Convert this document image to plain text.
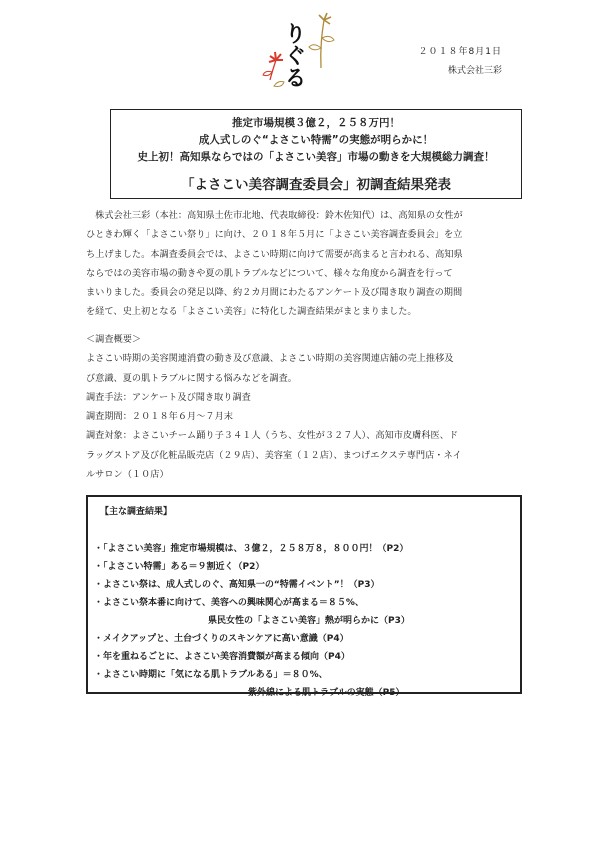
りぐる	２０１８年8月1日
株式会社三彩
推定市場規模３億２，２５８万円！
成人式しのぐ“よさこい特需”の実態が明らかに！
史上初！高知県ならではの「よさこい美容」市場の動きを大規模総力調査！
「よさこい美容調査委員会」初調査結果発表
　株式会社三彩（本社：高知県土佐市北地、代表取締役：鈴木佐知代）は、高知県の女性が
ひときわ輝く「よさこい祭り」に向け、２０１８年５月に「よさこい美容調査委員会」を立
ち上げました。本調査委員会では、よさこい時期に向けて需要が高まると言われる、高知県
ならではの美容市場の動きや夏の肌トラブルなどについて、様々な角度から調査を行って
まいりました。委員会の発足以降、約２カ月間にわたるアンケート及び聞き取り調査の期間
を経て、史上初となる「よさこい美容」に特化した調査結果がまとまりました。
＜調査概要＞
よさこい時期の美容関連消費の動き及び意識、よさこい時期の美容関連店舗の売上推移及
び意識、夏の肌トラブルに関する悩みなどを調査。
調査手法：アンケート及び聞き取り調査
調査期間：２０１８年６月～７月末
調査対象：よさこいチーム踊り子３４１人（うち、女性が３２７人）、高知市皮膚科医、ド
ラッグストア及び化粧品販売店（２９店）、美容室（１２店）、まつげエクステ専門店・ネイ
ルサロン（１０店）
【主な調査結果】
・「よさこい美容」推定市場規模は、３億２，２５８万８，８００円！（P2）
・「よさこい特需」ある＝９割近く（P2）
・よさこい祭は、成人式しのぐ、高知県一の“特需イベント”！（P3）
・よさこい祭本番に向けて、美容への興味関心が高まる＝８５%、
県民女性の「よさこい美容」熱が明らかに（P3）
・メイクアップと、土台づくりのスキンケアに高い意識（P4）
・年を重ねるごとに、よさこい美容消費額が高まる傾向（P4）
・よさこい時期に「気になる肌トラブルある」＝８０%、
紫外線による肌トラブルの実態（P5）
